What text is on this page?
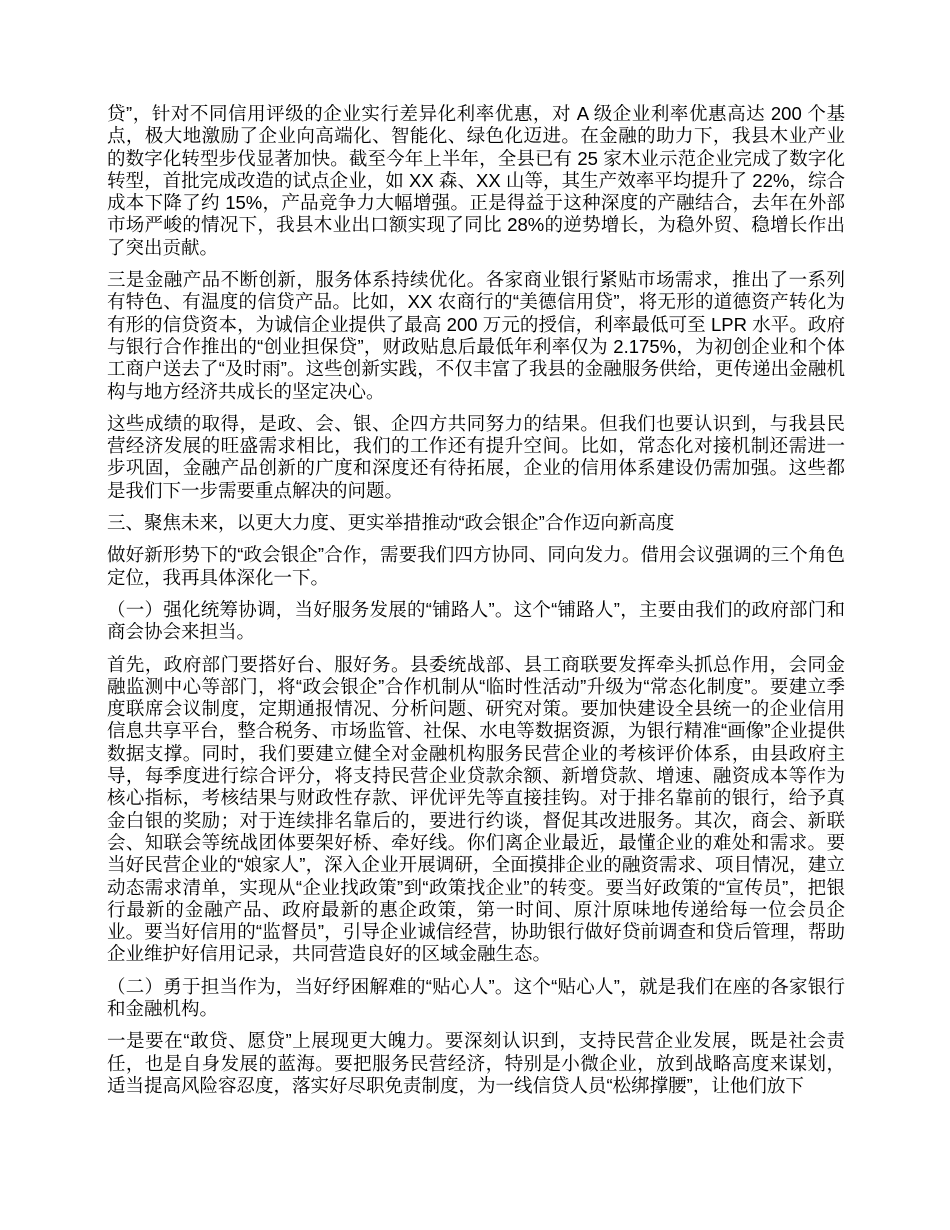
贷”，针对不同信用评级的企业实行差异化利率优惠，对 A 级企业利率优惠高达 200 个基点，极大地激励了企业向高端化、智能化、绿色化迈进。在金融的助力下，我县木业产业的数字化转型步伐显著加快。截至今年上半年，全县已有 25 家木业示范企业完成了数字化转型，首批完成改造的试点企业，如 XX 森、XX 山等，其生产效率平均提升了 22%，综合成本下降了约 15%，产品竞争力大幅增强。正是得益于这种深度的产融结合，去年在外部市场严峻的情况下，我县木业出口额实现了同比 28%的逆势增长，为稳外贸、稳增长作出了突出贡献。

三是金融产品不断创新，服务体系持续优化。各家商业银行紧贴市场需求，推出了一系列有特色、有温度的信贷产品。比如，XX 农商行的“美德信用贷”，将无形的道德资产转化为有形的信贷资本，为诚信企业提供了最高 200 万元的授信，利率最低可至 LPR 水平。政府与银行合作推出的“创业担保贷”，财政贴息后最低年利率仅为 2.175%，为初创企业和个体工商户送去了“及时雨”。这些创新实践，不仅丰富了我县的金融服务供给，更传递出金融机构与地方经济共成长的坚定决心。

这些成绩的取得，是政、会、银、企四方共同努力的结果。但我们也要认识到，与我县民营经济发展的旺盛需求相比，我们的工作还有提升空间。比如，常态化对接机制还需进一步巩固，金融产品创新的广度和深度还有待拓展，企业的信用体系建设仍需加强。这些都是我们下一步需要重点解决的问题。

三、聚焦未来，以更大力度、更实举措推动“政会银企”合作迈向新高度

做好新形势下的“政会银企”合作，需要我们四方协同、同向发力。借用会议强调的三个角色定位，我再具体深化一下。

（一）强化统筹协调，当好服务发展的“铺路人”。这个“铺路人”，主要由我们的政府部门和商会协会来担当。

首先，政府部门要搭好台、服好务。县委统战部、县工商联要发挥牵头抓总作用，会同金融监测中心等部门，将“政会银企”合作机制从“临时性活动”升级为“常态化制度”。要建立季度联席会议制度，定期通报情况、分析问题、研究对策。要加快建设全县统一的企业信用信息共享平台，整合税务、市场监管、社保、水电等数据资源，为银行精准“画像”企业提供数据支撑。同时，我们要建立健全对金融机构服务民营企业的考核评价体系，由县政府主导，每季度进行综合评分，将支持民营企业贷款余额、新增贷款、增速、融资成本等作为核心指标，考核结果与财政性存款、评优评先等直接挂钩。对于排名靠前的银行，给予真金白银的奖励；对于连续排名靠后的，要进行约谈，督促其改进服务。其次，商会、新联会、知联会等统战团体要架好桥、牵好线。你们离企业最近，最懂企业的难处和需求。要当好民营企业的“娘家人”，深入企业开展调研，全面摸排企业的融资需求、项目情况，建立动态需求清单，实现从“企业找政策”到“政策找企业”的转变。要当好政策的“宣传员”，把银行最新的金融产品、政府最新的惠企政策，第一时间、原汁原味地传递给每一位会员企业。要当好信用的“监督员”，引导企业诚信经营，协助银行做好贷前调查和贷后管理，帮助企业维护好信用记录，共同营造良好的区域金融生态。

（二）勇于担当作为，当好纾困解难的“贴心人”。这个“贴心人”，就是我们在座的各家银行和金融机构。

一是要在“敢贷、愿贷”上展现更大魄力。要深刻认识到，支持民营企业发展，既是社会责任，也是自身发展的蓝海。要把服务民营经济，特别是小微企业，放到战略高度来谋划，适当提高风险容忍度，落实好尽职免责制度，为一线信贷人员“松绑撑腰”，让他们放下
